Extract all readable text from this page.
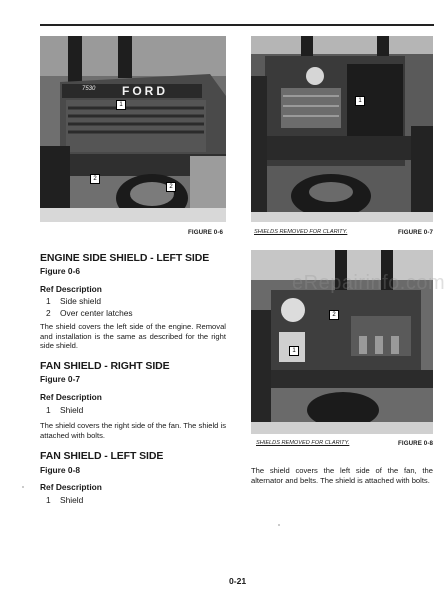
7530 FORD
1
2
2
FIGURE 0-6
1
SHIELDS REMOVED FOR CLARITY.	FIGURE 0-7
1
2
SHIELDS REMOVED FOR CLARITY.	FIGURE 0-8
eRepairinfo.com
ENGINE SIDE SHIELD - LEFT SIDE
Figure 0-6
Ref Description
1 Side shield
2 Over center latches
The shield covers the left side of the engine. Removal and installation is the same as described for the right side shield.
FAN SHIELD - RIGHT SIDE
Figure 0-7
Ref Description
1 Shield
The shield covers the right side of the fan. The shield is attached with bolts.
FAN SHIELD - LEFT SIDE
Figure 0-8
Ref Description
1 Shield
The shield covers the left side of the fan, the alternator and belts. The shield is attached with bolts.
0-21
